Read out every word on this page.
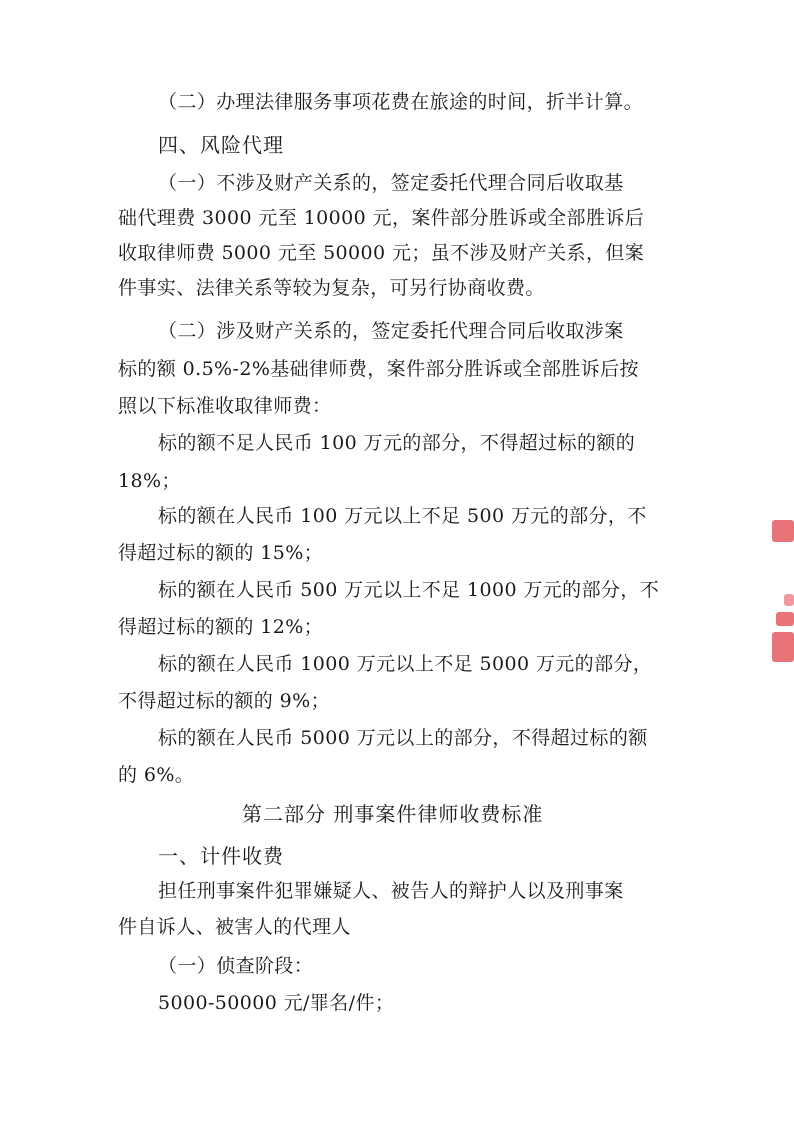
（二）办理法律服务事项花费在旅途的时间，折半计算。
四、风险代理
（一）不涉及财产关系的，签定委托代理合同后收取基
础代理费 3000 元至 10000 元，案件部分胜诉或全部胜诉后
收取律师费 5000 元至 50000 元；虽不涉及财产关系，但案
件事实、法律关系等较为复杂，可另行协商收费。
（二）涉及财产关系的，签定委托代理合同后收取涉案
标的额 0.5%-2%基础律师费，案件部分胜诉或全部胜诉后按
照以下标准收取律师费：
标的额不足人民币 100 万元的部分，不得超过标的额的
18%；
标的额在人民币 100 万元以上不足 500 万元的部分，不
得超过标的额的 15%；
标的额在人民币 500 万元以上不足 1000 万元的部分，不
得超过标的额的 12%；
标的额在人民币 1000 万元以上不足 5000 万元的部分，
不得超过标的额的 9%；
标的额在人民币 5000 万元以上的部分，不得超过标的额
的 6%。
第二部分 刑事案件律师收费标准
一、计件收费
担任刑事案件犯罪嫌疑人、被告人的辩护人以及刑事案
件自诉人、被害人的代理人
（一）侦查阶段：
5000-50000 元/罪名/件；
